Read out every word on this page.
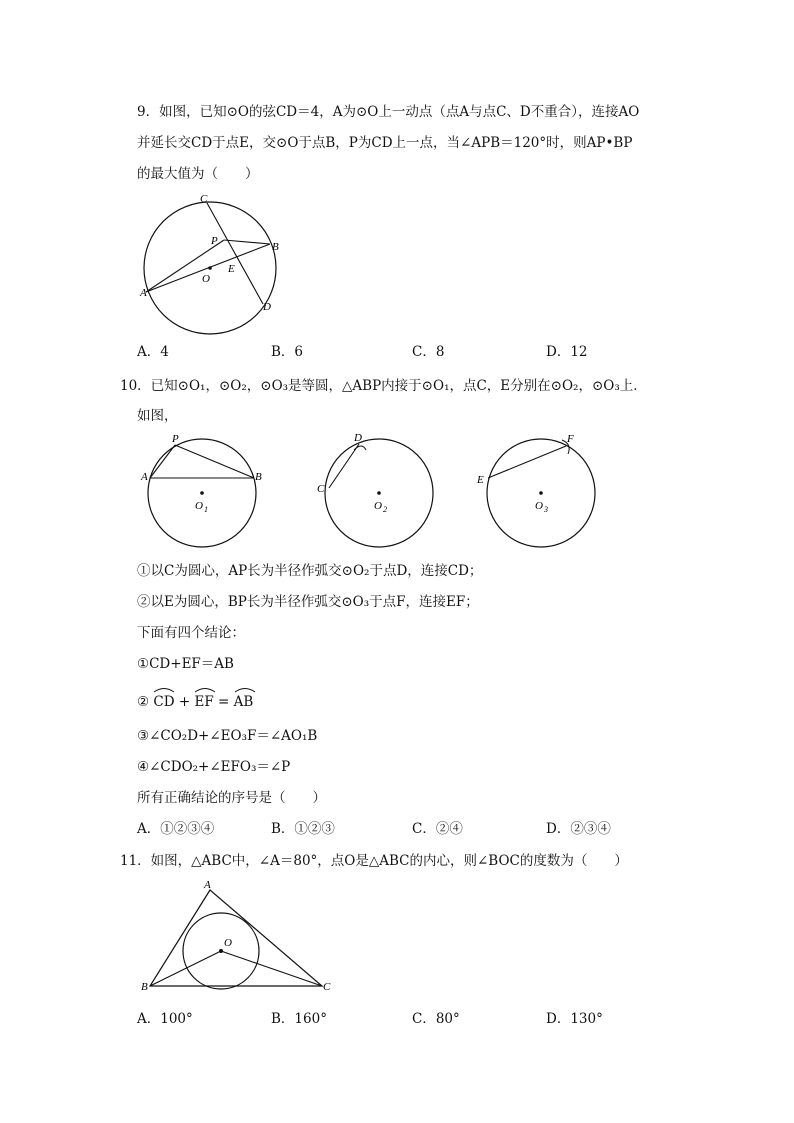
9．如图，已知⊙O的弦CD＝4，A为⊙O上一动点（点A与点C、D不重合），连接AO
并延长交CD于点E，交⊙O于点B，P为CD上一点，当∠APB＝120°时，则AP•BP
的最大值为（　　）
C
P	B
O
E
A
D
A．4	B．6	C．8	D．12
10．已知⊙O₁，⊙O₂，⊙O₃是等圆，△ABP内接于⊙O₁，点C，E分别在⊙O₂，⊙O₃上．
如图，
P
A	B
O 1
D
C
O 2
F
E
O 3
①以C为圆心，AP长为半径作弧交⊙O₂于点D，连接CD；
②以E为圆心，BP长为半径作弧交⊙O₃于点F，连接EF；
下面有四个结论：
①CD+EF＝AB
② CD + EF = AB
③∠CO₂D+∠EO₃F＝∠AO₁B
④∠CDO₂+∠EFO₃＝∠P
所有正确结论的序号是（　　）
A．①②③④	B．①②③	C．②④	D．②③④
11．如图，△ABC中，∠A＝80°，点O是△ABC的内心，则∠BOC的度数为（　　）
A
O
B	C
A．100°	B．160°	C．80°	D．130°
